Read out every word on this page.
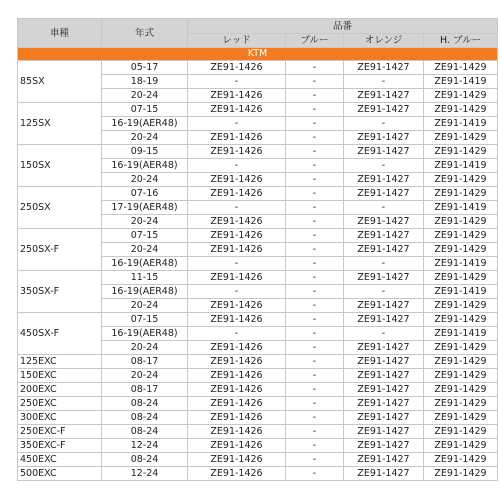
車種	年式	品番			
		レッド	ブルー	オレンジ	H. ブルー
KTM					
85SX	05-17	ZE91-1426	-	ZE91-1427	ZE91-1429
	18-19	-	-	-	ZE91-1419
	20-24	ZE91-1426	-	ZE91-1427	ZE91-1429
125SX	07-15	ZE91-1426	-	ZE91-1427	ZE91-1429
	16-19(AER48)	-	-	-	ZE91-1419
	20-24	ZE91-1426	-	ZE91-1427	ZE91-1429
150SX	09-15	ZE91-1426	-	ZE91-1427	ZE91-1429
	16-19(AER48)	-	-	-	ZE91-1419
	20-24	ZE91-1426	-	ZE91-1427	ZE91-1429
250SX	07-16	ZE91-1426	-	ZE91-1427	ZE91-1429
	17-19(AER48)	-	-	-	ZE91-1419
	20-24	ZE91-1426	-	ZE91-1427	ZE91-1429
250SX-F	07-15	ZE91-1426	-	ZE91-1427	ZE91-1429
	20-24	ZE91-1426	-	ZE91-1427	ZE91-1429
	16-19(AER48)	-	-	-	ZE91-1419
350SX-F	11-15	ZE91-1426	-	ZE91-1427	ZE91-1429
	16-19(AER48)	-	-	-	ZE91-1419
	20-24	ZE91-1426	-	ZE91-1427	ZE91-1429
450SX-F	07-15	ZE91-1426	-	ZE91-1427	ZE91-1429
	16-19(AER48)	-	-	-	ZE91-1419
	20-24	ZE91-1426	-	ZE91-1427	ZE91-1429
125EXC	08-17	ZE91-1426	-	ZE91-1427	ZE91-1429
150EXC	20-24	ZE91-1426	-	ZE91-1427	ZE91-1429
200EXC	08-17	ZE91-1426	-	ZE91-1427	ZE91-1429
250EXC	08-24	ZE91-1426	-	ZE91-1427	ZE91-1429
300EXC	08-24	ZE91-1426	-	ZE91-1427	ZE91-1429
250EXC-F	08-24	ZE91-1426	-	ZE91-1427	ZE91-1429
350EXC-F	12-24	ZE91-1426	-	ZE91-1427	ZE91-1429
450EXC	08-24	ZE91-1426	-	ZE91-1427	ZE91-1429
500EXC	12-24	ZE91-1426	-	ZE91-1427	ZE91-1429
